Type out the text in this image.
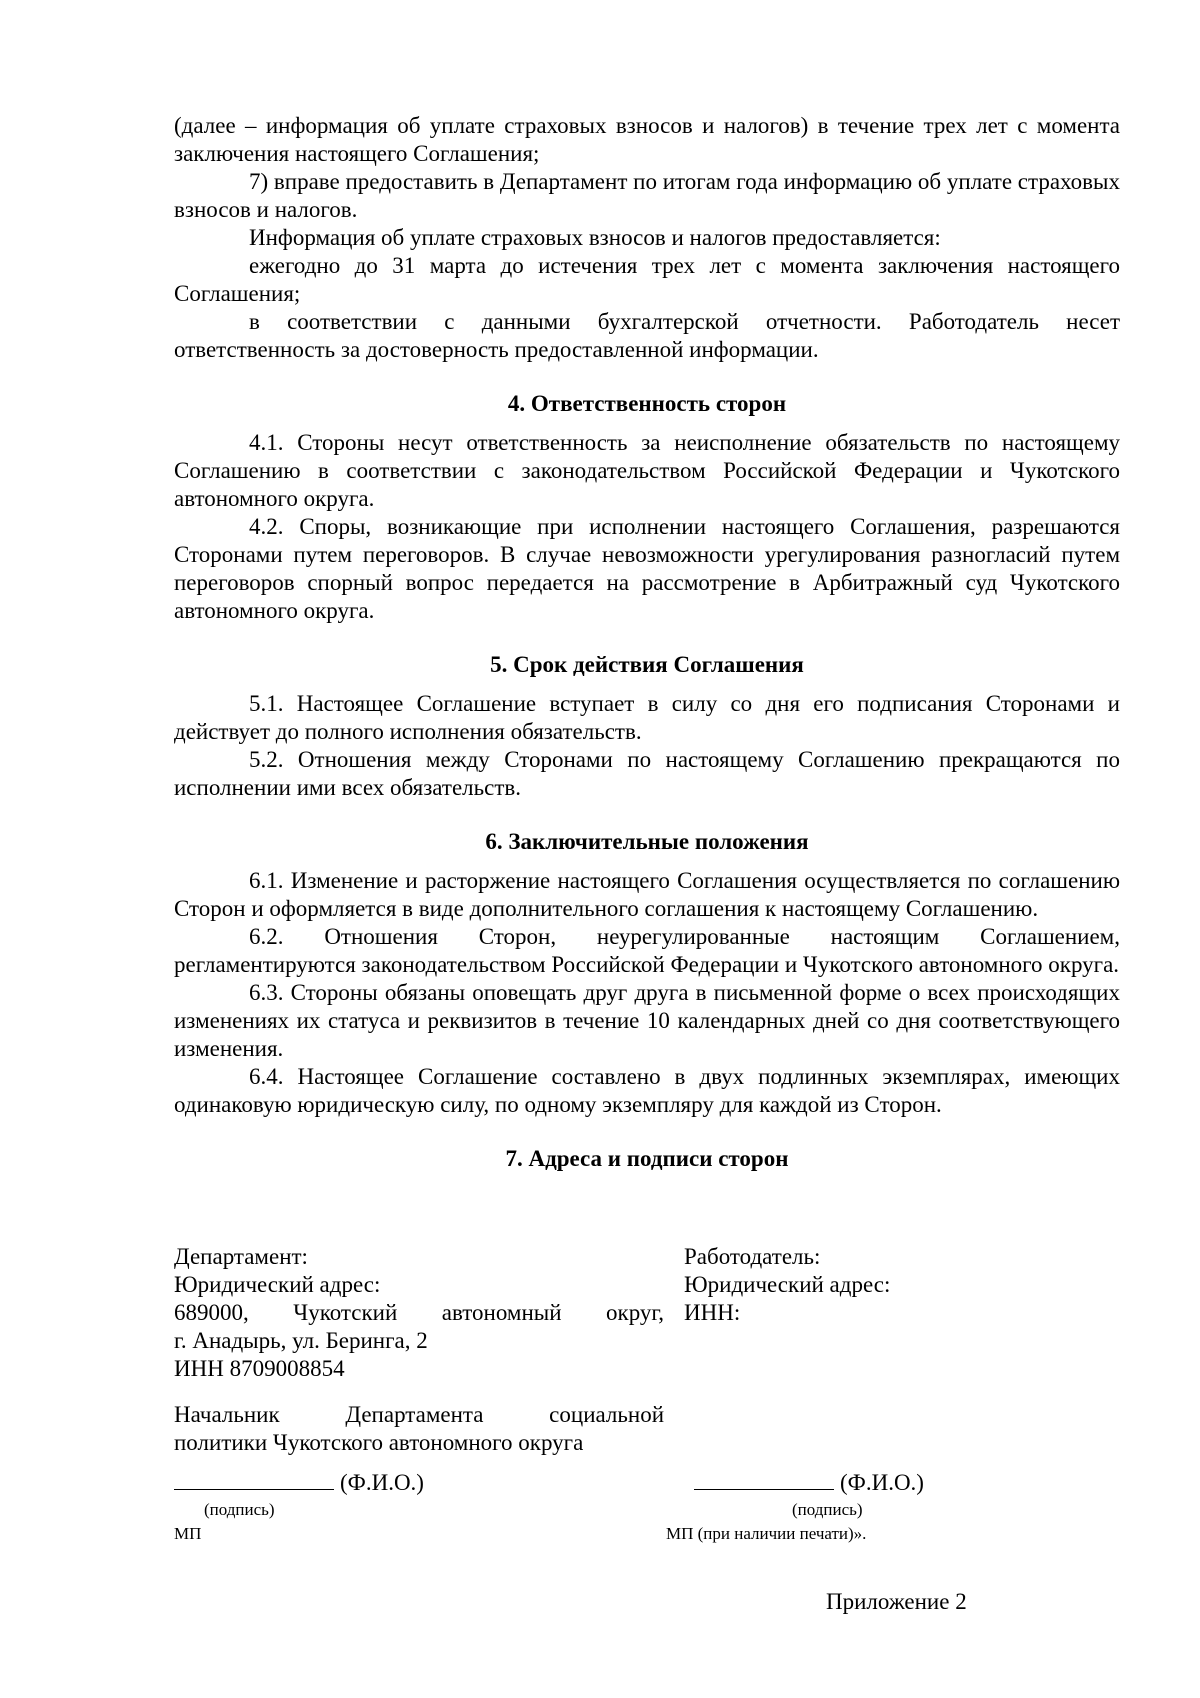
(далее – информация об уплате страховых взносов и налогов) в течение трех лет с момента заключения настоящего Соглашения;

7) вправе предоставить в Департамент по итогам года информацию об уплате страховых взносов и налогов.

Информация об уплате страховых взносов и налогов предоставляется:

ежегодно до 31 марта до истечения трех лет с момента заключения настоящего Соглашения;

в соответствии с данными бухгалтерской отчетности. Работодатель несет ответственность за достоверность предоставленной информации.

4. Ответственность сторон

4.1. Стороны несут ответственность за неисполнение обязательств по настоящему Соглашению в соответствии с законодательством Российской Федерации и Чукотского автономного округа.

4.2. Споры, возникающие при исполнении настоящего Соглашения, разрешаются Сторонами путем переговоров. В случае невозможности урегулирования разногласий путем переговоров спорный вопрос передается на рассмотрение в Арбитражный суд Чукотского автономного округа.

5. Срок действия Соглашения

5.1. Настоящее Соглашение вступает в силу со дня его подписания Сторонами и действует до полного исполнения обязательств.

5.2. Отношения между Сторонами по настоящему Соглашению прекращаются по исполнении ими всех обязательств.

6. Заключительные положения

6.1. Изменение и расторжение настоящего Соглашения осуществляется по соглашению Сторон и оформляется в виде дополнительного соглашения к настоящему Соглашению.

6.2. Отношения Сторон, неурегулированные настоящим Соглашением, регламентируются законодательством Российской Федерации и Чукотского автономного округа.

6.3. Стороны обязаны оповещать друг друга в письменной форме о всех происходящих изменениях их статуса и реквизитов в течение 10 календарных дней со дня соответствующего изменения.

6.4. Настоящее Соглашение составлено в двух подлинных экземплярах, имеющих одинаковую юридическую силу, по одному экземпляру для каждой из Сторон.

7. Адреса и подписи сторон

Департамент:
Юридический адрес:
689000, Чукотский автономный округ,
г. Анадырь, ул. Беринга, 2
ИНН 8709008854
Работодатель:
Юридический адрес:
ИНН:
Начальник Департамента социальной
политики Чукотского автономного округа
(Ф.И.О.)	(Ф.И.О.)
(подпись)
МП
(подпись)
МП (при наличии печати)».
Приложение 2
